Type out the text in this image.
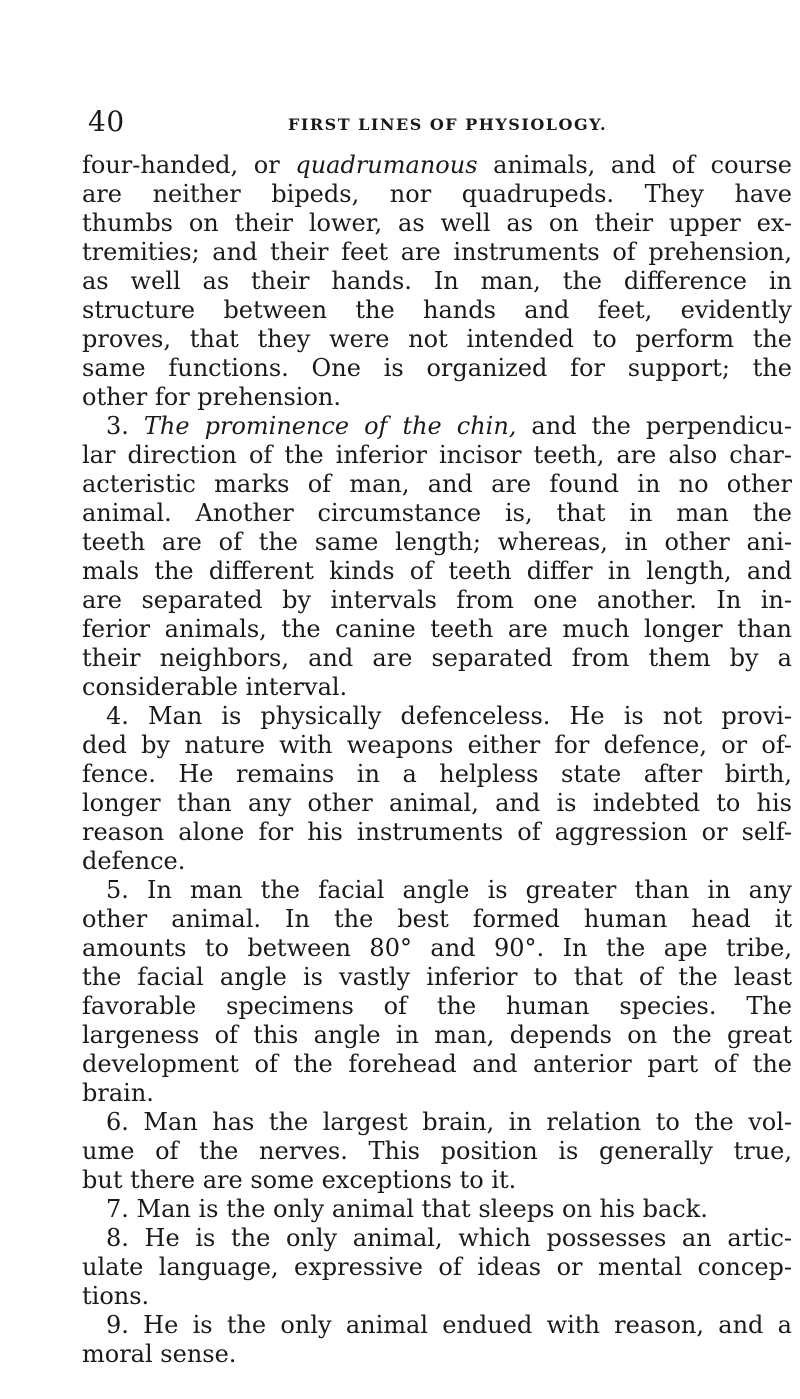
40	FIRST LINES OF PHYSIOLOGY.
four-handed, or quadrumanous animals, and of course
are neither bipeds, nor quadrupeds. They have
thumbs on their lower, as well as on their upper ex-
tremities; and their feet are instruments of prehension,
as well as their hands. In man, the difference in
structure between the hands and feet, evidently
proves, that they were not intended to perform the
same functions. One is organized for support; the
other for prehension.
3. The prominence of the chin, and the perpendicu-
lar direction of the inferior incisor teeth, are also char-
acteristic marks of man, and are found in no other
animal. Another circumstance is, that in man the
teeth are of the same length; whereas, in other ani-
mals the different kinds of teeth differ in length, and
are separated by intervals from one another. In in-
ferior animals, the canine teeth are much longer than
their neighbors, and are separated from them by a
considerable interval.
4. Man is physically defenceless. He is not provi-
ded by nature with weapons either for defence, or of-
fence. He remains in a helpless state after birth,
longer than any other animal, and is indebted to his
reason alone for his instruments of aggression or self-
defence.
5. In man the facial angle is greater than in any
other animal. In the best formed human head it
amounts to between 80° and 90°. In the ape tribe,
the facial angle is vastly inferior to that of the least
favorable specimens of the human species. The
largeness of this angle in man, depends on the great
development of the forehead and anterior part of the
brain.
6. Man has the largest brain, in relation to the vol-
ume of the nerves. This position is generally true,
but there are some exceptions to it.
7. Man is the only animal that sleeps on his back.
8. He is the only animal, which possesses an artic-
ulate language, expressive of ideas or mental concep-
tions.
9. He is the only animal endued with reason, and a
moral sense.
